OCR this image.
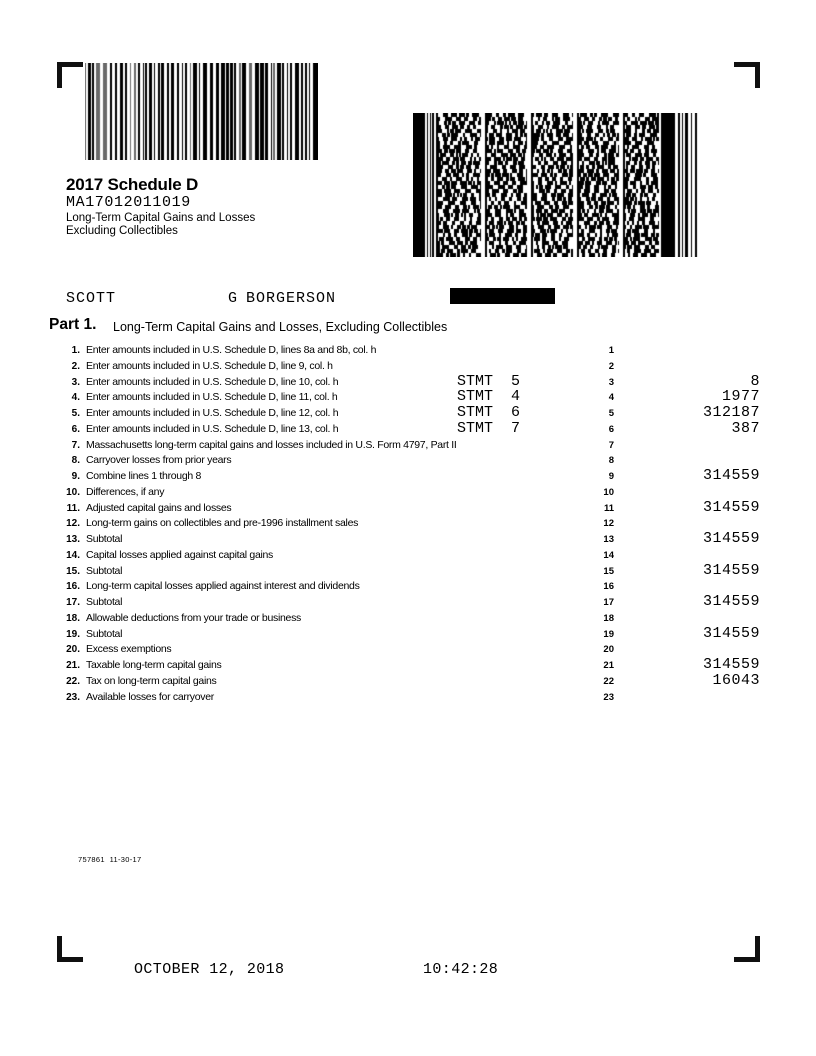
2017 Schedule D
MA17012011019
Long-Term Capital Gains and Losses
Excluding Collectibles
SCOTT	G BORGERSON
Part 1. Long-Term Capital Gains and Losses, Excluding Collectibles
1. Enter amounts included in U.S. Schedule D, lines 8a and 8b, col. h	1
2. Enter amounts included in U.S. Schedule D, line 9, col. h	2
3. Enter amounts included in U.S. Schedule D, line 10, col. h	STMT  5	3	8
4. Enter amounts included in U.S. Schedule D, line 11, col. h	STMT  4	4	1977
5. Enter amounts included in U.S. Schedule D, line 12, col. h	STMT  6	5	312187
6. Enter amounts included in U.S. Schedule D, line 13, col. h	STMT  7	6	387
7. Massachusetts long-term capital gains and losses included in U.S. Form 4797, Part II	7
8. Carryover losses from prior years	8
9. Combine lines 1 through 8	9	314559
10. Differences, if any	10
11. Adjusted capital gains and losses	11	314559
12. Long-term gains on collectibles and pre-1996 installment sales	12
13. Subtotal	13	314559
14. Capital losses applied against capital gains	14
15. Subtotal	15	314559
16. Long-term capital losses applied against interest and dividends	16
17. Subtotal	17	314559
18. Allowable deductions from your trade or business	18
19. Subtotal	19	314559
20. Excess exemptions	20
21. Taxable long-term capital gains	21	314559
22. Tax on long-term capital gains	22	16043
23. Available losses for carryover	23
757861  11-30-17
OCTOBER 12, 2018	10:42:28
